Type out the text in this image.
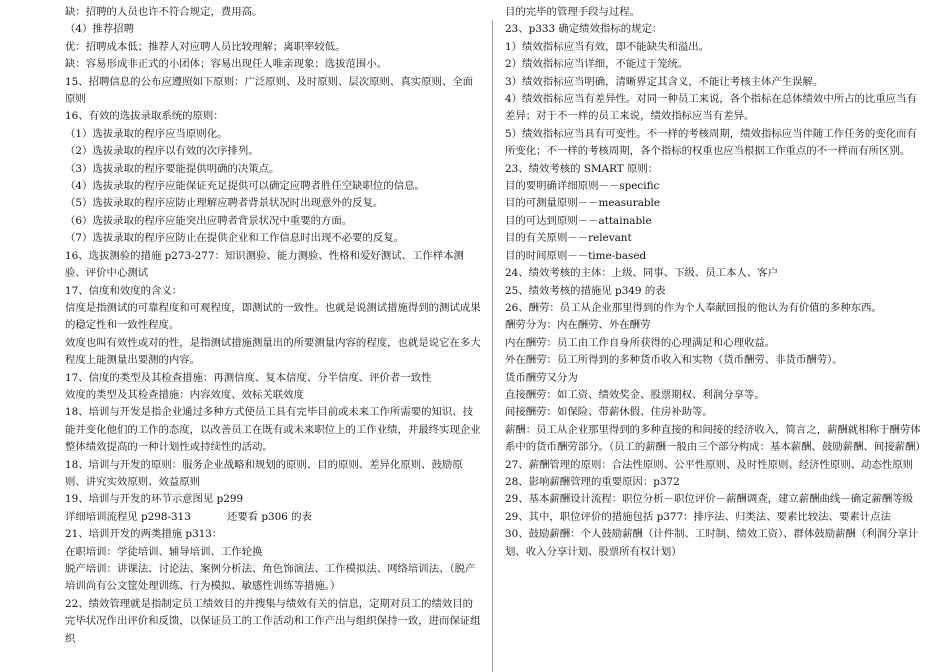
缺：招聘的人员也许不符合规定，费用高。

（4）推荐招聘

优：招聘成本低；推荐人对应聘人员比较理解；离职率较低。

缺：容易形成非正式的小团体；容易出现任人唯亲现象；选拔范围小。

15、招聘信息的公布应遵照如下原则：广泛原则、及时原则、层次原则、真实原则、全面原则

16、有效的选拔录取系统的原则：

（1）选拔录取的程序应当原则化。

（2）选拔录取的程序以有效的次序排列。

（3）选拔录取的程序要能提供明确的决策点。

（4）选拔录取的程序应能保证充足提供可以确定应聘者胜任空缺职位的信息。

（5）选拔录取的程序应防止理解应聘者背景状况时出现意外的反复。

（6）选拔录取的程序应能突出应聘者背景状况中重要的方面。

（7）选拔录取的程序应防止在提供企业和工作信息时出现不必要的反复。

16、选拔测验的措施 p273-277：知识测验、能力测验、性格和爱好测试、工作样本测验、评价中心测试

17、信度和效度的含义：

信度是指测试的可靠程度和可观程度，即测试的一致性。也就是说测试措施得到的测试成果的稳定性和一致性程度。

效度也叫有效性或对的性，是指测试措施测量出的所要测量内容的程度，也就是说它在多大程度上能测量出要测的内容。

17、信度的类型及其检查措施：再测信度、复本信度、分半信度、评价者一致性

效度的类型及其检查措施：内容效度、效标关联效度

18、培训与开发是指企业通过多种方式使员工具有完毕目前或未来工作所需要的知识、技能并变化他们的工作的态度，以改善员工在既有或未来职位上的工作业绩，并最终实现企业整体绩效提高的一种计划性或持续性的活动。

18、培训与开发的原则：服务企业战略和规划的原则、目的原则、差异化原则、鼓励原则、讲究实效原则、效益原则

19、培训与开发的环节示意图见 p299

详细培训流程见 p298-313	还要看 p306 的表

21、培训开发的两类措施 p313：

在职培训：学徒培训、辅导培训、工作轮换

脱产培训：讲课法、讨论法、案例分析法、角色饰演法、工作模拟法、网络培训法、（脱产培训尚有公文筐处理训练、行为模拟、敏感性训练等措施。）

22、绩效管理就是指制定员工绩效目的并搜集与绩效有关的信息，定期对员工的绩效目的完毕状况作出评价和反馈，以保证员工的工作活动和工作产出与组织保持一致，进而保证组织

目的完毕的管理手段与过程。

23、p333 确定绩效指标的规定：

1）绩效指标应当有效，即不能缺失和溢出。

2）绩效指标应当详细，不能过于笼统。

3）绩效指标应当明确，清晰界定其含义，不能让考核主体产生误解。

4）绩效指标应当有差异性。对同一种员工来说，各个指标在总体绩效中所占的比重应当有差异；对于不一样的员工来说，绩效指标应当有差异。

5）绩效指标应当具有可变性。不一样的考核周期，绩效指标应当伴随工作任务的变化而有所变化；不一样的考核周期，各个指标的权重也应当根据工作重点的不一样而有所区别。

23、绩效考核的 SMART 原则：

目的要明确详细原则－－specific

目的可测量原则－－measurable

目的可达到原则－－attainable

目的有关原则－－relevant

目的时间原则－－time-based

24、绩效考核的主体：上级、同事、下级、员工本人、客户

25、绩效考核的措施见 p349 的表

26、酬劳：员工从企业那里得到的作为个人奉献回报的他认为有价值的多种东西。

酬劳分为：内在酬劳、外在酬劳

内在酬劳：员工由工作自身所获得的心理满足和心理收益。

外在酬劳：员工所得到的多种货币收入和实物（货币酬劳、非货币酬劳）。

货币酬劳又分为

直接酬劳：如工资、绩效奖金、股票期权、利润分享等。

间接酬劳：如保险、带薪休假、住房补助等。

薪酬：员工从企业那里得到的多种直接的和间接的经济收入，简言之，薪酬就相称于酬劳体系中的货币酬劳部分。（员工的薪酬一般由三个部分构成：基本薪酬、鼓励薪酬、间接薪酬）

27、薪酬管理的原则：合法性原则、公平性原则、及时性原则、经济性原则、动态性原则

28、影响薪酬管理的重要原因：p372

29、基本薪酬设计流程：职位分析－职位评价－薪酬调查，建立薪酬曲线－确定薪酬等级

29、其中，职位评价的措施包括 p377：排序法、归类法、要素比较法、要素计点法

30、鼓励薪酬：个人鼓励薪酬（计件制、工时制、绩效工资）、群体鼓励薪酬（利润分享计划、收入分享计划、股票所有权计划）
